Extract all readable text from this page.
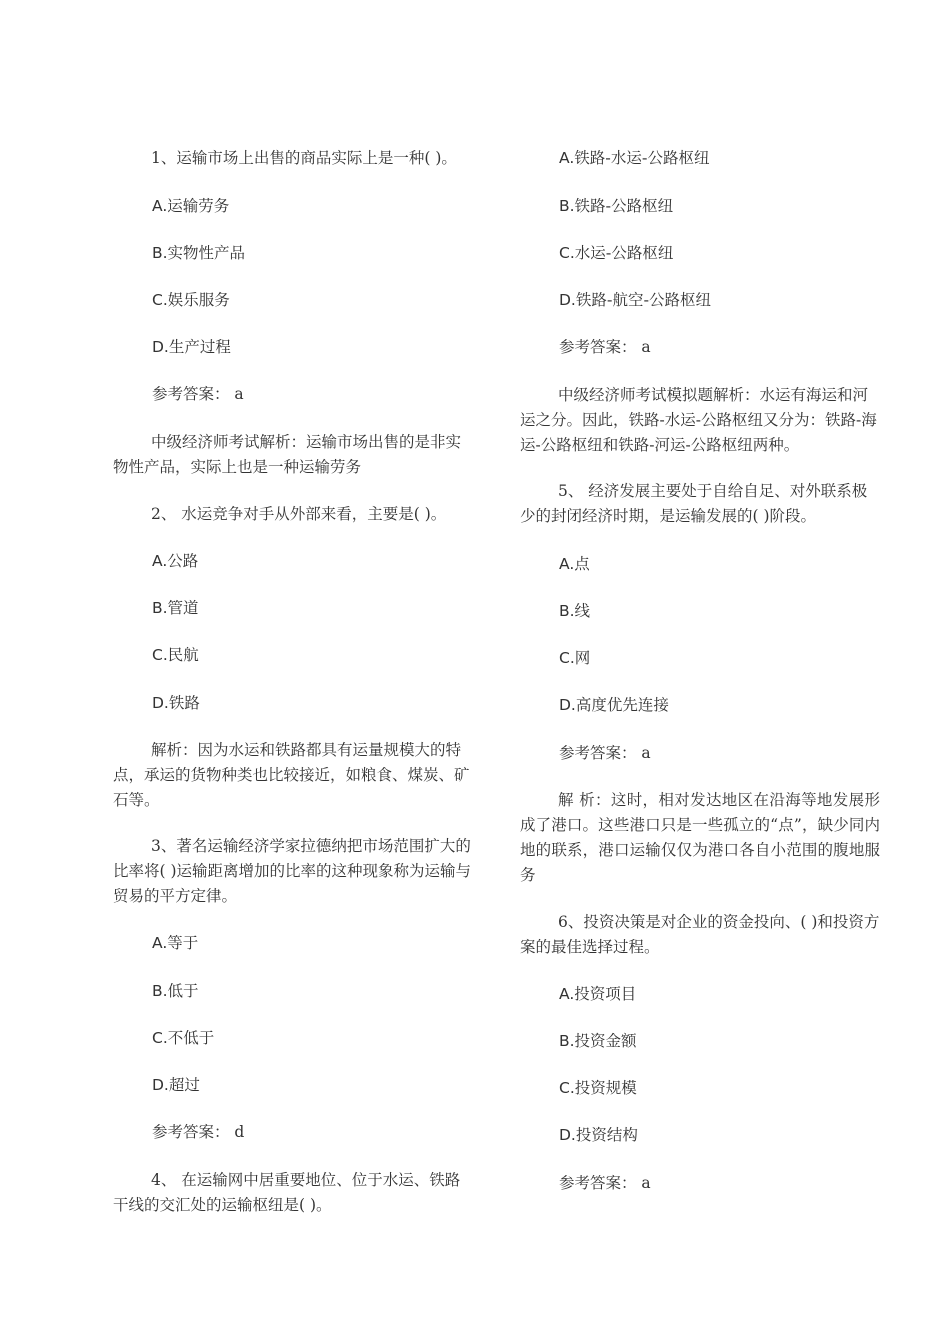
1、运输市场上出售的商品实际上是一种( )。

A.运输劳务

B.实物性产品

C.娱乐服务

D.生产过程

参考答案： a

中级经济师考试解析：运输市场出售的是非实物性产品，实际上也是一种运输劳务

2、 水运竞争对手从外部来看，主要是( )。

A.公路

B.管道

C.民航

D.铁路

解析：因为水运和铁路都具有运量规模大的特点，承运的货物种类也比较接近，如粮食、煤炭、矿石等。

3、著名运输经济学家拉德纳把市场范围扩大的比率将( )运输距离增加的比率的这种现象称为运输与贸易的平方定律。

A.等于

B.低于

C.不低于

D.超过

参考答案： d

4、 在运输网中居重要地位、位于水运、铁路干线的交汇处的运输枢纽是( )。

A.铁路-水运-公路枢纽

B.铁路-公路枢纽

C.水运-公路枢纽

D.铁路-航空-公路枢纽

参考答案： a

中级经济师考试模拟题解析：水运有海运和河运之分。因此，铁路-水运-公路枢纽又分为：铁路-海运-公路枢纽和铁路-河运-公路枢纽两种。

5、 经济发展主要处于自给自足、对外联系极少的封闭经济时期，是运输发展的( )阶段。

A.点

B.线

C.网

D.高度优先连接

参考答案： a

解 析：这时，相对发达地区在沿海等地发展形成了港口。这些港口只是一些孤立的“点”，缺少同内地的联系，港口运输仅仅为港口各自小范围的腹地服务

6、投资决策是对企业的资金投向、( )和投资方案的最佳选择过程。

A.投资项目

B.投资金额

C.投资规模

D.投资结构

参考答案： a
